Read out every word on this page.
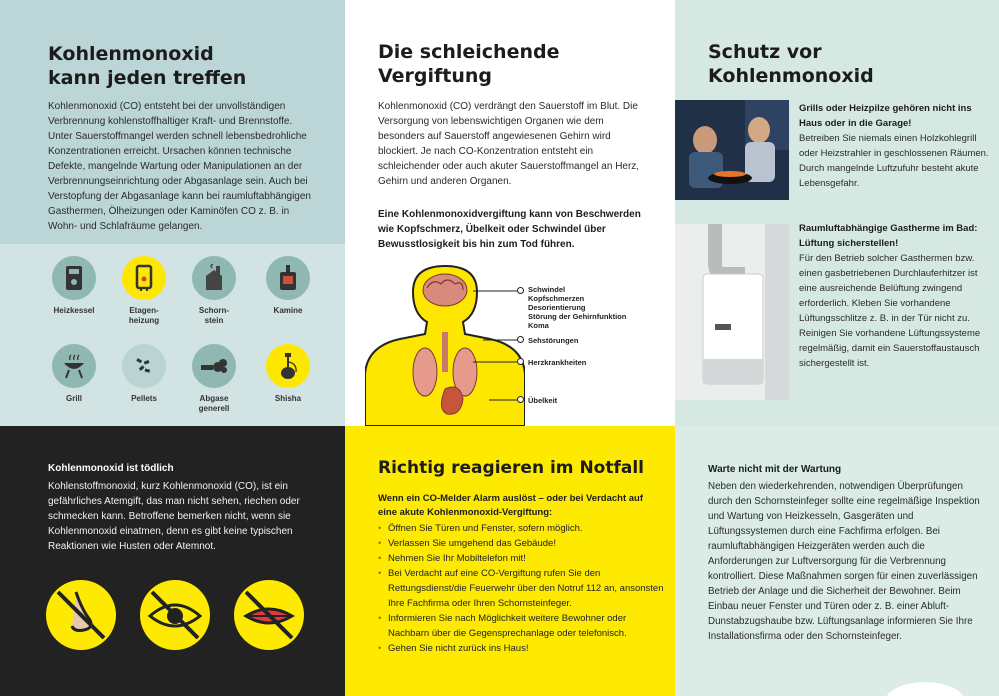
Kohlenmonoxid
kann jeden treffen

Kohlenmonoxid (CO) entsteht bei der unvollständigen Verbrennung kohlenstoffhaltiger Kraft- und Brennstoffe. Unter Sauerstoffmangel werden schnell lebensbedrohliche Konzentrationen erreicht. Ursachen können technische Defekte, mangelnde Wartung oder Manipulationen an der Verbrennungseinrichtung oder Abgasanlage sein. Auch bei Verstopfung der Abgasanlage kann bei raumluftabhängigen Gasthermen, Ölheizungen oder Kaminöfen CO z. B. in Wohn- und Schlafräume gelangen.

Heizkessel	Etagen-
heizung
Schorn-
stein
Kamine
Grill	Pellets	Abgase
generell
Shisha
Die schleichende
Vergiftung

Kohlenmonoxid (CO) verdrängt den Sauerstoff im Blut. Die Versorgung von lebenswichtigen Organen wie dem besonders auf Sauerstoff angewiesenen Gehirn wird blockiert. Je nach CO-Konzentration entsteht ein schleichender oder auch akuter Sauerstoffmangel an Herz, Gehirn und anderen Organen.

Eine Kohlenmonoxidvergiftung kann von Beschwerden wie Kopfschmerz, Übelkeit oder Schwindel über Bewusstlosigkeit bis hin zum Tod führen.

Schwindel
Kopfschmerzen
Desorientierung
Störung der Gehirnfunktion
Koma
Sehstörungen
Herzkrankheiten
Übelkeit
Schutz vor
Kohlenmonoxid

Grills oder Heizpilze gehören nicht ins Haus oder in die Garage!

Betreiben Sie niemals einen Holzkohlegrill oder Heizstrahler in geschlossenen Räumen. Durch mangelnde Luftzufuhr besteht akute Lebensgefahr.

Raumluftabhängige Gastherme im Bad: Lüftung sicherstellen!

Für den Betrieb solcher Gasthermen bzw. einen gasbetriebenen Durchlauferhitzer ist eine ausreichende Belüftung zwingend erforderlich. Kleben Sie vorhandene Lüftungsschlitze z. B. in der Tür nicht zu. Reinigen Sie vorhandene Lüftungssysteme regelmäßig, damit ein Sauerstoffaustausch sichergestellt ist.

Kohlenmonoxid ist tödlich

Kohlenstoffmonoxid, kurz Kohlenmonoxid (CO), ist ein gefährliches Atemgift, das man nicht sehen, riechen oder schmecken kann. Betroffene bemerken nicht, wenn sie Kohlenmonoxid einatmen, denn es gibt keine typischen Reaktionen wie Husten oder Atemnot.

Richtig reagieren im Notfall

Wenn ein CO-Melder Alarm auslöst – oder bei Verdacht auf eine akute Kohlenmonoxid-Vergiftung:

• Öffnen Sie Türen und Fenster, sofern möglich.
• Verlassen Sie umgehend das Gebäude!
• Nehmen Sie Ihr Mobiltelefon mit!
• Bei Verdacht auf eine CO-Vergiftung rufen Sie den Rettungsdienst/die Feuerwehr über den Notruf 112 an, ansonsten Ihre Fachfirma oder Ihren Schornsteinfeger.
• Informieren Sie nach Möglichkeit weitere Bewohner oder Nachbarn über die Gegensprechanlage oder telefonisch.
• Gehen Sie nicht zurück ins Haus!

Warte nicht mit der Wartung

Neben den wiederkehrenden, notwendigen Überprüfungen durch den Schornsteinfeger sollte eine regelmäßige Inspektion und Wartung von Heizkesseln, Gasgeräten und Lüftungssystemen durch eine Fachfirma erfolgen. Bei raumluftabhängigen Heizgeräten werden auch die Anforderungen zur Luftversorgung für die Verbrennung kontrolliert. Diese Maßnahmen sorgen für einen zuverlässigen Betrieb der Anlage und die Sicherheit der Bewohner. Beim Einbau neuer Fenster und Türen oder z. B. einer Abluft-Dunstabzugshaube bzw. Lüftungsanlage informieren Sie Ihre Installationsfirma oder den Schornsteinfeger.
